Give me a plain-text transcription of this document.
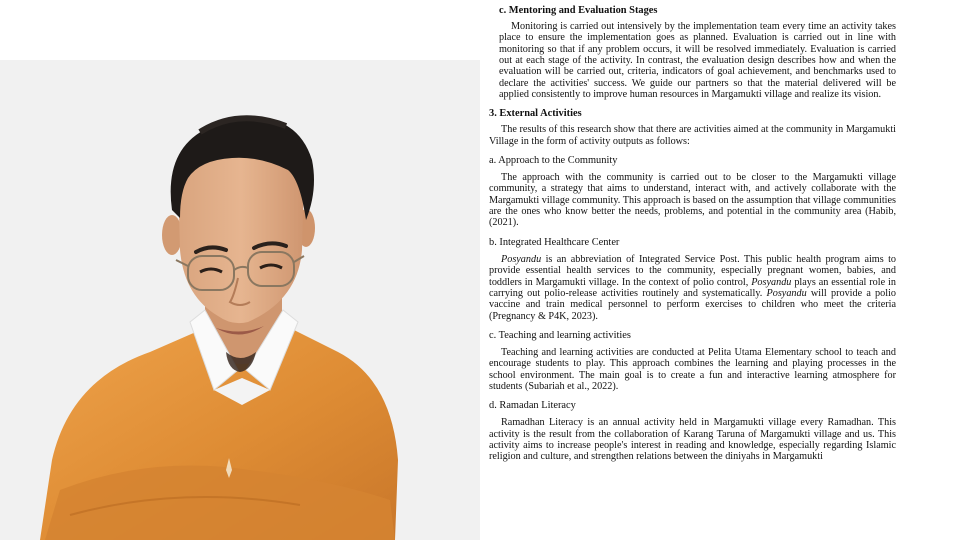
c. Mentoring and Evaluation Stages

Monitoring is carried out intensively by the implementation team every time an activity takes place to ensure the implementation goes as planned. Evaluation is carried out in line with monitoring so that if any problem occurs, it will be resolved immediately. Evaluation is carried out at each stage of the activity. In contrast, the evaluation design describes how and when the evaluation will be carried out, criteria, indicators of goal achievement, and benchmarks used to declare the activities' success. We guide our partners so that the material delivered will be applied consistently to improve human resources in Margamukti village and realize its vision.

3. External Activities

The results of this research show that there are activities aimed at the community in Margamukti Village in the form of activity outputs as follows:

a. Approach to the Community

The approach with the community is carried out to be closer to the Margamukti village community, a strategy that aims to understand, interact with, and actively collaborate with the Margamukti village community. This approach is based on the assumption that village communities are the ones who know better the needs, problems, and potential in the community area (Habib, (2021).

b. Integrated Healthcare Center

Posyandu is an abbreviation of Integrated Service Post. This public health program aims to provide essential health services to the community, especially pregnant women, babies, and toddlers in Margamukti village. In the context of polio control, Posyandu plays an essential role in carrying out polio-release activities routinely and systematically. Posyandu will provide a polio vaccine and train medical personnel to perform exercises to children who meet the criteria (Pregnancy & P4K, 2023).

c. Teaching and learning activities

Teaching and learning activities are conducted at Pelita Utama Elementary school to teach and encourage students to play. This approach combines the learning and playing processes in the school environment. The main goal is to create a fun and interactive learning atmosphere for students (Subariah et al., 2022).

d. Ramadan Literacy

Ramadhan Literacy is an annual activity held in Margamukti village every Ramadhan. This activity is the result from the collaboration of Karang Taruna of Margamukti village and us. This activity aims to increase people's interest in reading and knowledge, especially regarding Islamic religion and culture, and strengthen relations between the diniyahs in Margamukti
